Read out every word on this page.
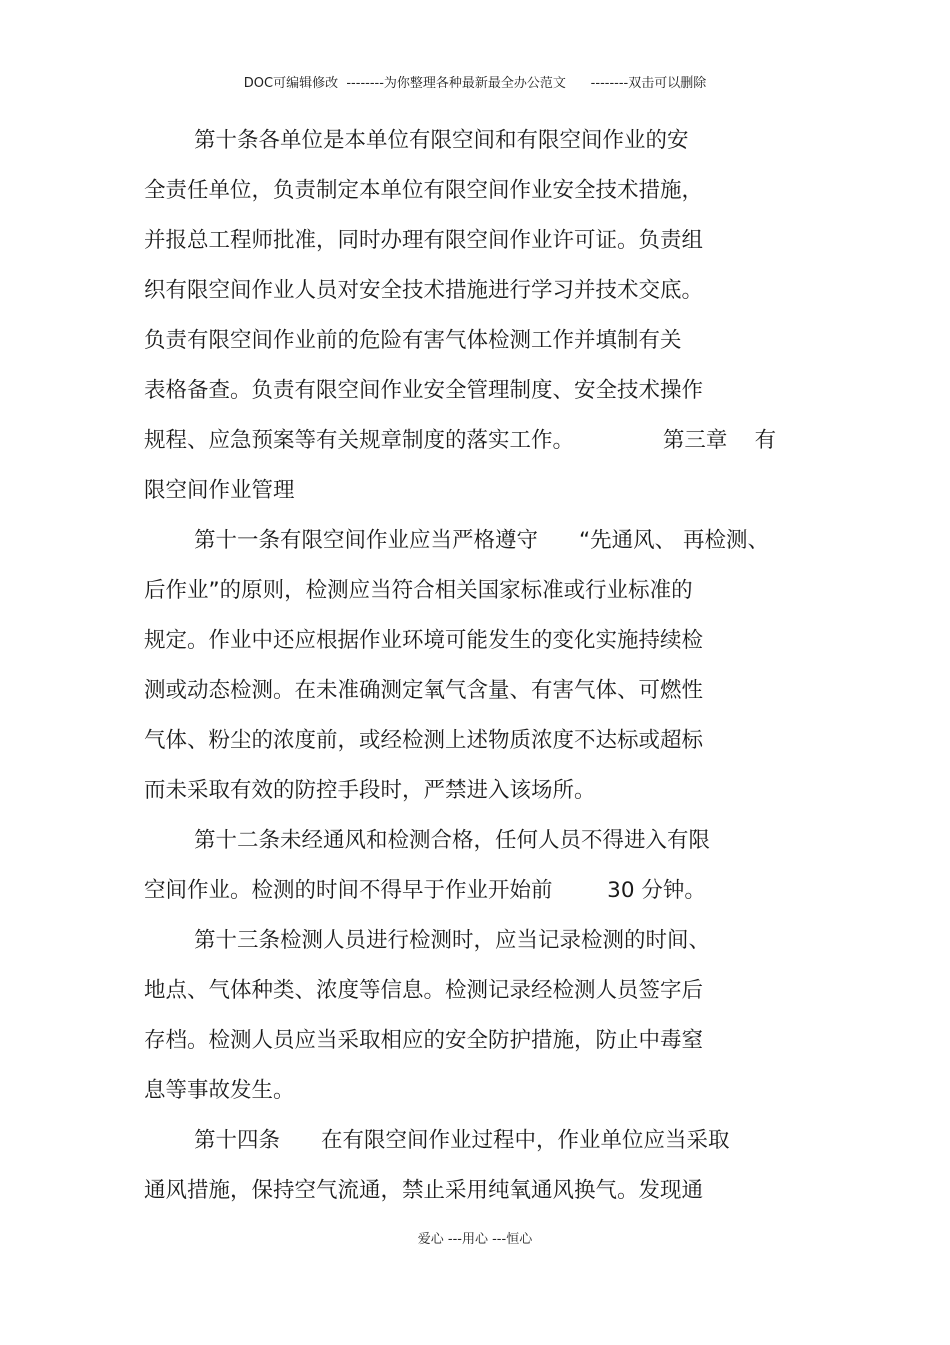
DOC可编辑修改  --------为你整理各种最新最全办公范文      --------双击可以删除
第十条各单位是本单位有限空间和有限空间作业的安
全责任单位，负责制定本单位有限空间作业安全技术措施，
并报总工程师批准，同时办理有限空间作业许可证。负责组
织有限空间作业人员对安全技术措施进行学习并技术交底。
负责有限空间作业前的危险有害气体检测工作并填制有关
表格备查。负责有限空间作业安全管理制度、安全技术操作
规程、应急预案等有关规章制度的落实工作。             第三章    有
限空间作业管理
第十一条有限空间作业应当严格遵守      “先通风、 再检测、
后作业”的原则，检测应当符合相关国家标准或行业标准的
规定。作业中还应根据作业环境可能发生的变化实施持续检
测或动态检测。在未准确测定氧气含量、有害气体、可燃性
气体、粉尘的浓度前，或经检测上述物质浓度不达标或超标
而未采取有效的防控手段时，严禁进入该场所。
第十二条未经通风和检测合格，任何人员不得进入有限
空间作业。检测的时间不得早于作业开始前        30 分钟。
第十三条检测人员进行检测时，应当记录检测的时间、
地点、气体种类、浓度等信息。检测记录经检测人员签字后
存档。检测人员应当采取相应的安全防护措施，防止中毒窒
息等事故发生。
第十四条      在有限空间作业过程中，作业单位应当采取
通风措施，保持空气流通，禁止采用纯氧通风换气。发现通
爱心 ---用心 ---恒心
